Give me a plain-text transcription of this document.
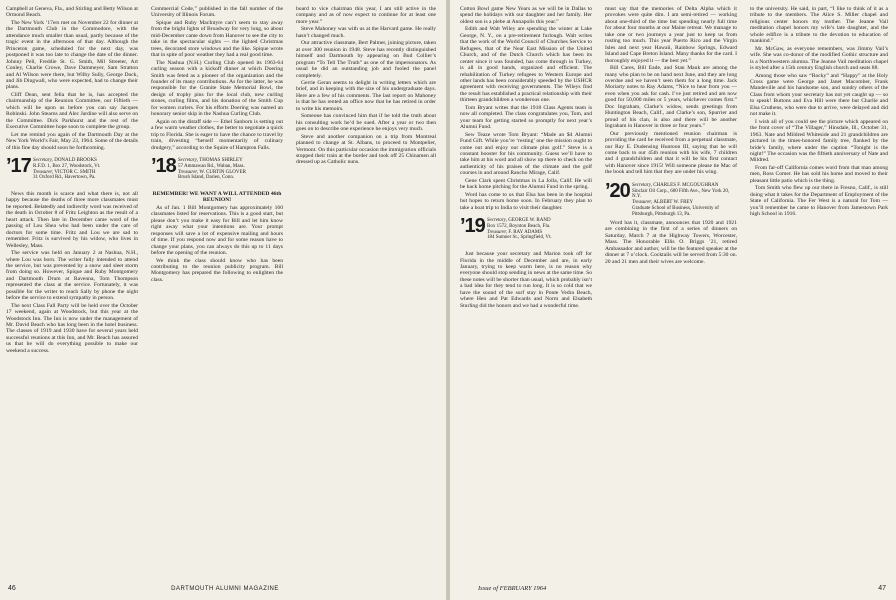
Campbell at Geneva, Fla., and Stirling and Betty Wilson at Ormond Beach.

The New York ’17ers met on November 22 for dinner at the Dartmouth Club in the Commodore, with the attendance much smaller than usual, partly because of the tragic event in the afternoon of that day. Although the Princeton game, scheduled for the next day, was postponed it was too late to change the date of the dinner. Johnny Pell, Freddie St. G. Smith, Mil Streeter, Art Conley, Charlie Crowe, Dave Dammeyer, Sam Stratton and Al Wilson were there, but Wilby Sully, George Dock, and Jib Dingwall, who were expected, had to change their plans.

Cliff Dean, sent fella that he is, has accepted the chairmanship of the Reunion Committee, our Fiftieth — which will be upon us before you can say Jacques Robinski. John Stearns and Alec Jardine will also serve on the Committee. Dick Parkhurst and the rest of the Executive Committee hope soon to complete the group.

Let me remind you again of the Dartmouth Day at the New York World’s Fair, May 23, 1964. Some of the details of this fine day should soon be forthcoming.

’17 Secretary, DONALD BROOKS
R.F.D. 1, Box 27, Woodstock, Vt.
Treasurer, VICTOR C. SMITH
31 Oxford Rd., Havertown, Pa.

News this month is scarce and what there is, not all happy because the deaths of three more classmates must be reported. Belatedly and indirectly word was received of the death in October 8 of Fritz Leighton as the result of a heart attack. Then late in December came word of the passing of Lou Shea who had been under the care of doctors for some time. Fritz and Lou we are sad to remember. Fritz is survived by his widow, who lives in Wellesley, Mass.

The service was held on January 2 at Nashua, N.H., where Lou was born. The writer fully intended to attend the service, but was prevented by a snow and sleet storm from doing so. However, Spique and Ruby Montgomery and Dartmouth Drum at Ravenna, Tom Thompson represented the class at the service. Fortunately, it was possible for the writer to reach Sally by phone the night before the service to extend sympathy in person.

The next Class Fall Party will be held over the October 17 weekend, again at Woodstock, but this year at the Woodstock Inn. The Inn is now under the management of Mr. David Beach who has long been in the hotel business. The classes of 1919 and 1930 have for several years held successful reunions at this Inn, and Mr. Beach has assured us that he will do everything possible to make our weekend a success.

Commercial Code,” published in the fall number of the University of Illinois Forum.

Spique and Ruby MacIntyre can’t seem to stay away from the bright lights of Broadway for very long, so about mid-December came down from Hanover to see the city to take in the spectacular sights — the lighted Christmas trees, decorated store windows and the like. Spique wrote that in spite of poor weather they had a real good time.

The Nashua (N.H.) Curling Club opened its 1963-64 curling season with a kickoff dinner at which Doering Smith was feted as a pioneer of the organization and the founder of its many contributions. As for the latter, he was responsible for the Granite State Memorial Bowl, the design of trophy pins for the local club, new curling stones, curling films, and his donation of the Smith Cup for women curlers. For his efforts Doering was named an honorary senior skip in the Nashua Curling Club.

Again on the distaff side — Ethel Sanborn is setting out a few warm weather clothes, the better to negotiate a quick trip to Florida. She is eager to have the chance to travel by train, divesting “herself momentarily of culinary drudgery,” according to the Squire of Hampton Falls.

’18 Secretary, THOMAS SHIRLEY
57 Ammawan Rd., Waban, Mass.
Treasurer, W. CURTIN GLOVER
Brush Island, Darien, Conn.

REMEMBER! WE WANT A WILL ATTENDED 46th REUNION!

As of Jan. 1 Bill Montgomery has approximately 160 classmates listed for reservations. This is a good start, but please don’t you make it easy for Bill and let him know right away what your intentions are. Your prompt responses will save a lot of expensive mailing and hours of time. If you respond now and for some reason have to change your plans, you can always do this up to 11 days before the opening of the reunion.

We think the class should know who has been contributing to the reunion publicity program. Bill Montgomery has prepared the following to enlighten the class.

board to vice chairman this year, I am still active in the company and as of now expect to continue for at least one more year.”

Steve Mahoney was with us at the Harvard game. He really hasn’t changed much.

Our attractive classmate, Bert Palmer, joining picture, taken at over 300 reunion in 1948. Steve has recently distinguished himself and Dartmouth by appearing on Bud Collier’s program “To Tell The Truth” as one of the impersonators. As usual he did an outstanding job and fooled the panel completely.

Gerrie Geran seems to delight in writing letters which are brief, and in keeping with the size of his undergraduate days. Here are a few of his comments. The last report on Mahoney is that he has rented an office now that he has retired in order to write his memoirs.

Someone has convinced him that if he told the truth about his consulting work he’d be sued. After a year or two then goes on to describe one experience he enjoys very much.

Steve and another companion on a trip from Montreal planned to change at St. Albans, to proceed to Montpelier, Vermont. On this particular occasion the immigration officials stopped their train at the border and took off 25 Chinamen all dressed up as Catholic nuns.

46	DARTMOUTH ALUMNI MAGAZINE

Cotton Bowl game New Years as we will be in Dallas to spend the holidays with our daughter and her family. Her oldest son is a plebe at Annapolis this year.”

Edith and Walt Wiley are spending the winter at Lake George, N. Y., on a pre-retirement furlough. Walt writes that the work of the World Council of Churches Service to Refugees, that of the Near East Mission of the United Church, and of the Dutch Church which has been its center since it was founded, has come through in Turkey, is all in good hands, organized and efficient. The rehabilitation of Turkey refugees to Western Europe and other lands has been considerably speeded by the USHCR agreement with receiving governments. The Wileys find the result has established a practical relationship with their thirteen grandchildren a wonderous one.

Tom Bryant writes that the 1918 Class Agents team is now all completed. The class congratulates you, Tom, and your team for getting started so promptly for next year’s Alumni Fund.

Sew Teaze wrote Tom Bryant: “Made an $4 Alumni Fund Gift. While you’re ‘resting’ one the mission ought to come out and enjoy our climate plus golf.” Steve is a constant booster for his community. Guess we’ll have to take him at his word and all show up there to check on the authenticity of his praises of the climate and the golf courses in and around Rancho Mirage, Calif.

Gene Clark spent Christmas in La Jolla, Calif. He will be back home pitching for the Alumni Fund in the spring.

Word has come to us that Elsa has been in the hospital but hopes to return home soon. In February they plan to take a boat trip to India to visit their daughter.

’19 Secretary, GEORGE W. RAND
Box 1572, Boynton Beach, Fla.
Treasurer, F. RAY ADAMS
184 Sumner St., Springfield, Vt.

Just because your secretary and Marion took off for Florida in the middle of December and are, in early January, trying to keep warm here, is no reason why everyone should stop sending in news at the same time. So these notes will be shorter than usual, which probably isn’t a bad idea for they tend to run long. It is so cold that we have the sound of the surf stay in Ponte Vedra Beach, where Hen and Pat Edwards and Norm and Elsabeth Sturling did the honors and we had a wonderful time.

must say that the memories of Delta Alpha which it provokes were quite dim. I am semi-retired — working about one-third of the time but spending nearly full time for about four months at our Maine retreat. We manage to take one or two journeys a year just to keep us from rusting too much. This year Puerto Rico and the Virgin Isles and next year Hawaii, Rainbow Springs, Edward Island and Cape Breton Island. Many thanks for the card. I thoroughly enjoyed it — the best yet.”

Bill Cares, Bill Eade, and Stan Mauk are among the many who plan to be on hand next June, and they are long overdue and we haven’t seen them for a long time. Jack Moriarty notes to Ray Adams, “Nice to hear from you — even when you ask for cash. I’ve just retired and am now good for 50,000 miles or 5 years, whichever comes first.” Doc Ingraham, Clarke’s widow, sends greetings from Huntington Beach, Calif., and Clarke’s son, Spurrier and proud of his clan, is also and there will be another Ingraham in Hanover in three or four years.”

Our previously mentioned reunion chairman is providing the card he received from a perpetual classmate, our Ray E. Dudensing Huntoon III, saying that he will come back to our 45th reunion with his wife, 7 children and 4 grandchildren and that it will be his first contact with Hanover since 1915! Will someone please tie Mac of the book and tell him that they are under his wing.

’20 Secretary, CHARLES F. MCGOUGHRAN
Sinclair Oil Corp., 600 Fifth Ave., New York 20, N.Y.
Treasurer, ALBERT W. FREY
Graduate School of Business, University of Pittsburgh, Pittsburgh 13, Pa.

Word has it, classmate, announces that 1920 and 1921 are combining in the first of a series of dinners on Saturday, March 7 at the Highway Towers, Worcester, Mass. The Honorable Ellis O. Briggs ’21, retired Ambassador and author, will be the featured speaker at the dinner at 7 o’clock. Cocktails will be served from 5:30 on. 20 and 21 men and their wives are welcome.

to the university. He said, in part, “I like to think of it as a tribute to the members. The Alice S. Miller chapel and religious center honors my mother. The Jeanne Vail meditation chapel honors my wife’s late daughter, and the whole edifice is a tribute to the devotion to education of mankind.”

Mr. McGaw, as everyone remembers, was Jimmy Vail’s wife. She was co-donor of the modified Gothic structure and is a Northwestern alumna. The Jeanne Vail meditation chapel is styled after a 15th century English church and seats 88.

Among those who saw “Rocky” and “Happy” at the Holy Cross game were George and Janet Macomber, Frank Mandeville and his handsome son, and sundry others of the Class from whom your secretary has not yet caught up — so to speak! Buttons and Eva Hill were there but Charlie and Elsa Cruthens, who were due to arrive, were delayed and did not make it.

I wish all of you could see the picture which appeared on the front cover of “The Villager,” Hinsdale, Ill., October 31, 1963. Nate and Mildred Whiteside and 21 grandchildren are pictured in the times-honored family tree, flanked by the bride’s family, where under the caption “Tonight is the night!” The occasion was the fiftieth anniversary of Nate and Mildred.

From far-off California comes word from that man among men, Ross Comer. He has sold his home and moved to their pleasant little patio which is the thing.

Tom Smith who flew up our there in Fresno, Calif., is still doing what it takes for the Department of Employment of the State of California. The Fer West is a natural for Tom — you’ll remember he came to Hanover from Jamestown Park high School in 1916.

Issue of FEBRUARY 1964	47
